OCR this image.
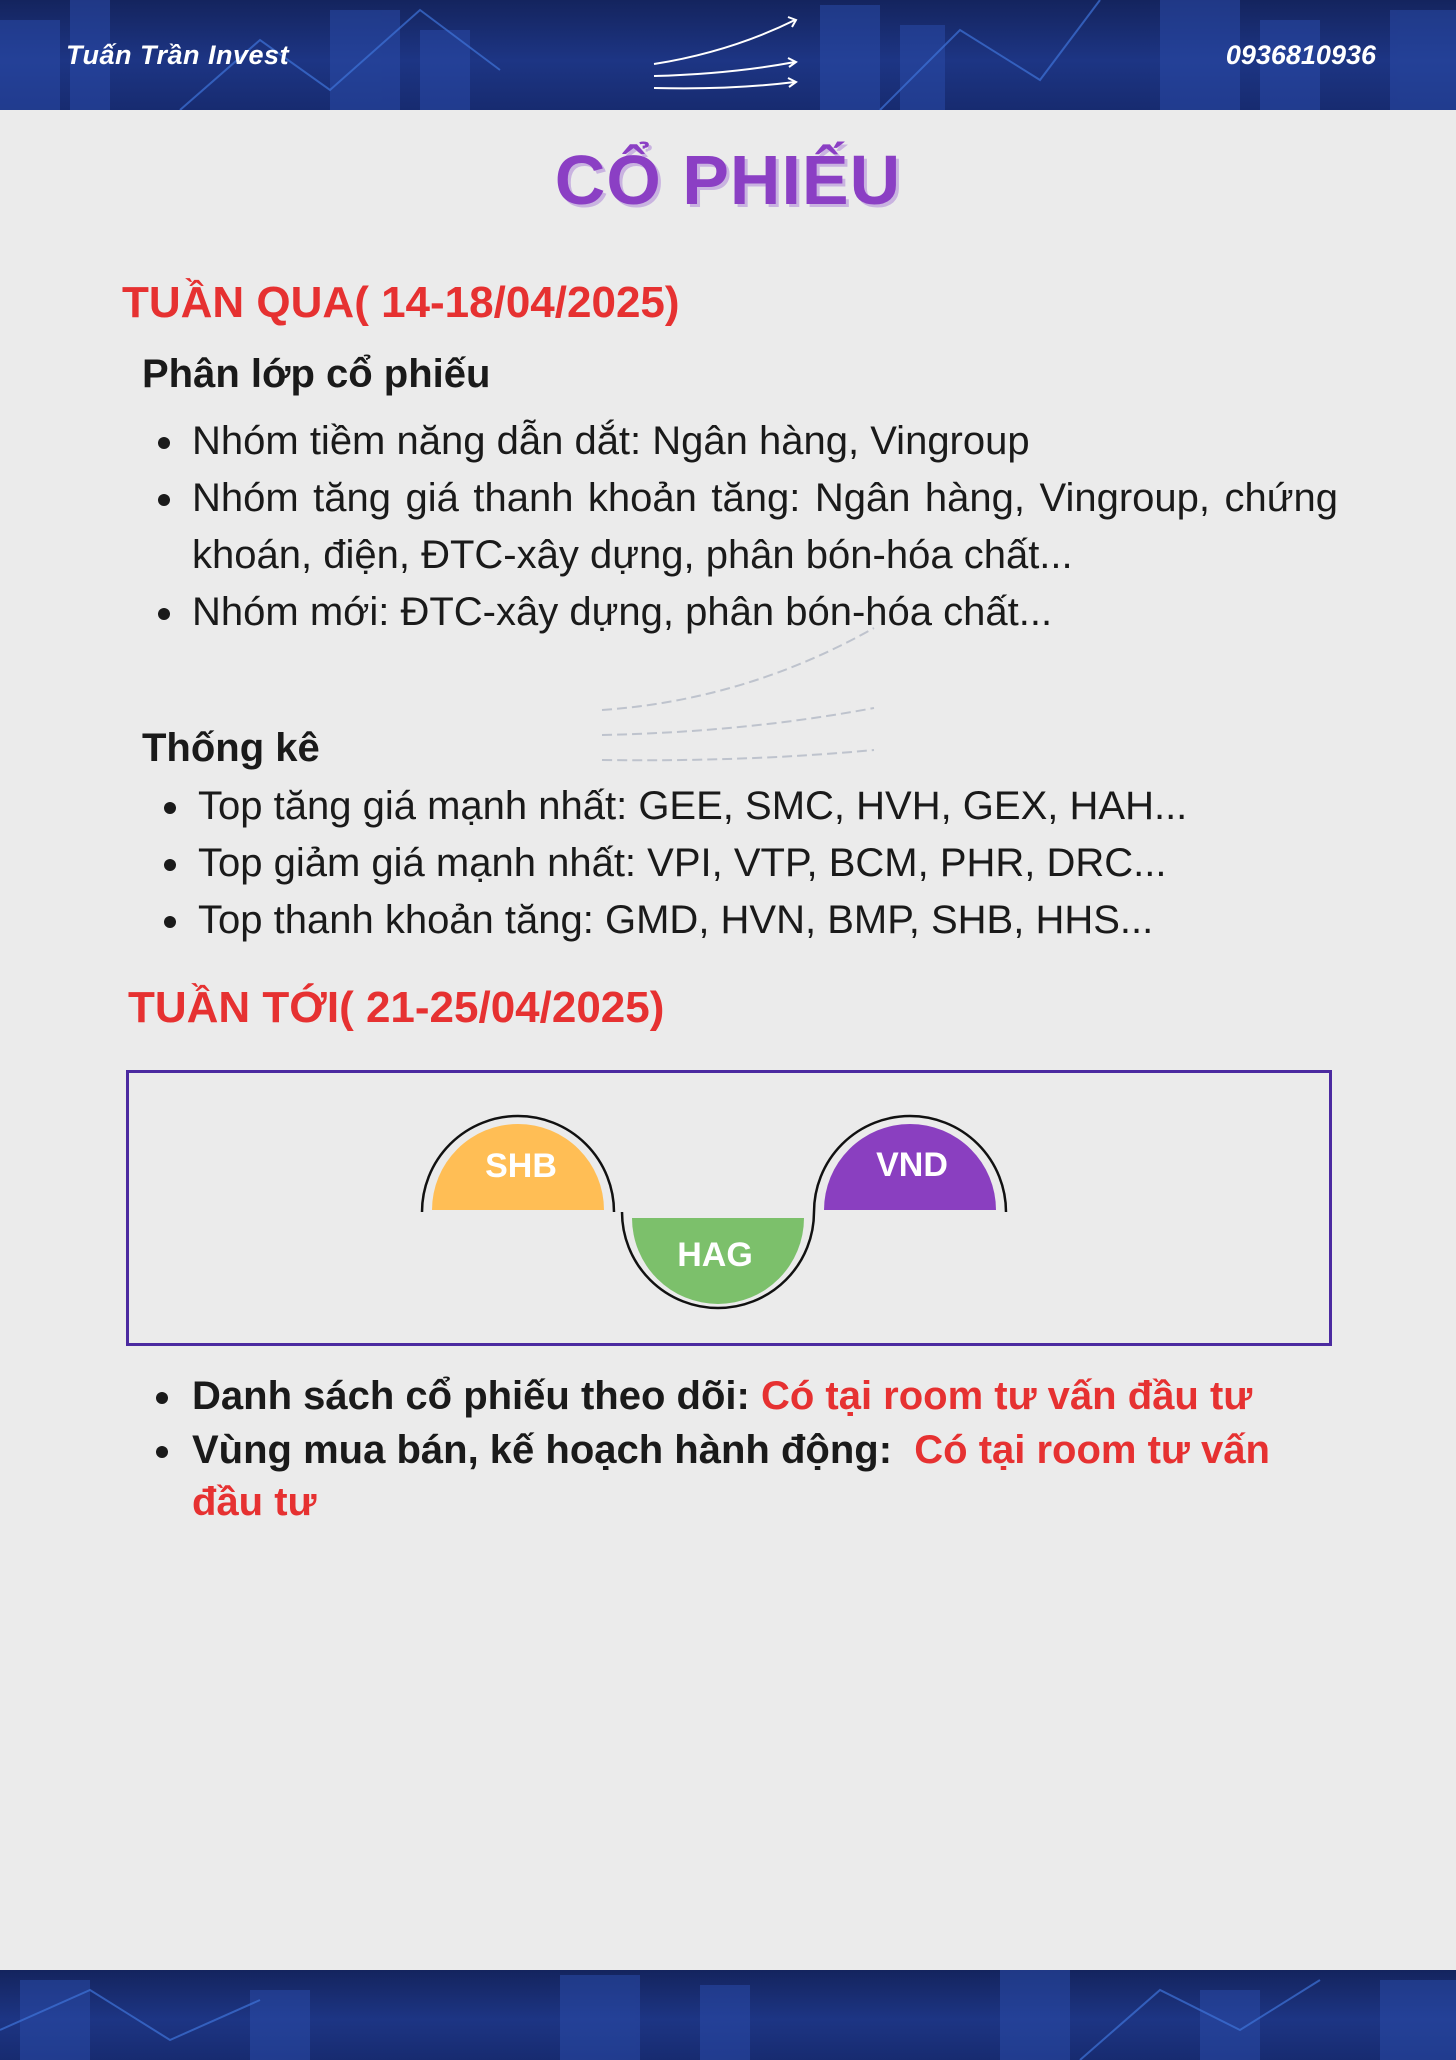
Tuấn Trần Invest	0936810936
CỔ PHIẾU
TUẦN QUA( 14-18/04/2025)
Phân lớp cổ phiếu
Nhóm tiềm năng dẫn dắt: Ngân hàng, Vingroup
Nhóm tăng giá thanh khoản tăng: Ngân hàng, Vingroup, chứng khoán, điện, ĐTC-xây dựng, phân bón-hóa chất...
Nhóm mới: ĐTC-xây dựng, phân bón-hóa chất...
Thống kê
Top tăng giá mạnh nhất: GEE, SMC, HVH, GEX, HAH...
Top giảm giá mạnh nhất: VPI, VTP, BCM, PHR, DRC...
Top thanh khoản tăng: GMD, HVN, BMP, SHB, HHS...
TUẦN TỚI( 21-25/04/2025)
SHB
HAG
VND
Danh sách cổ phiếu theo dõi: Có tại room tư vấn đầu tư
Vùng mua bán, kế hoạch hành động: Có tại room tư vấn đầu tư
